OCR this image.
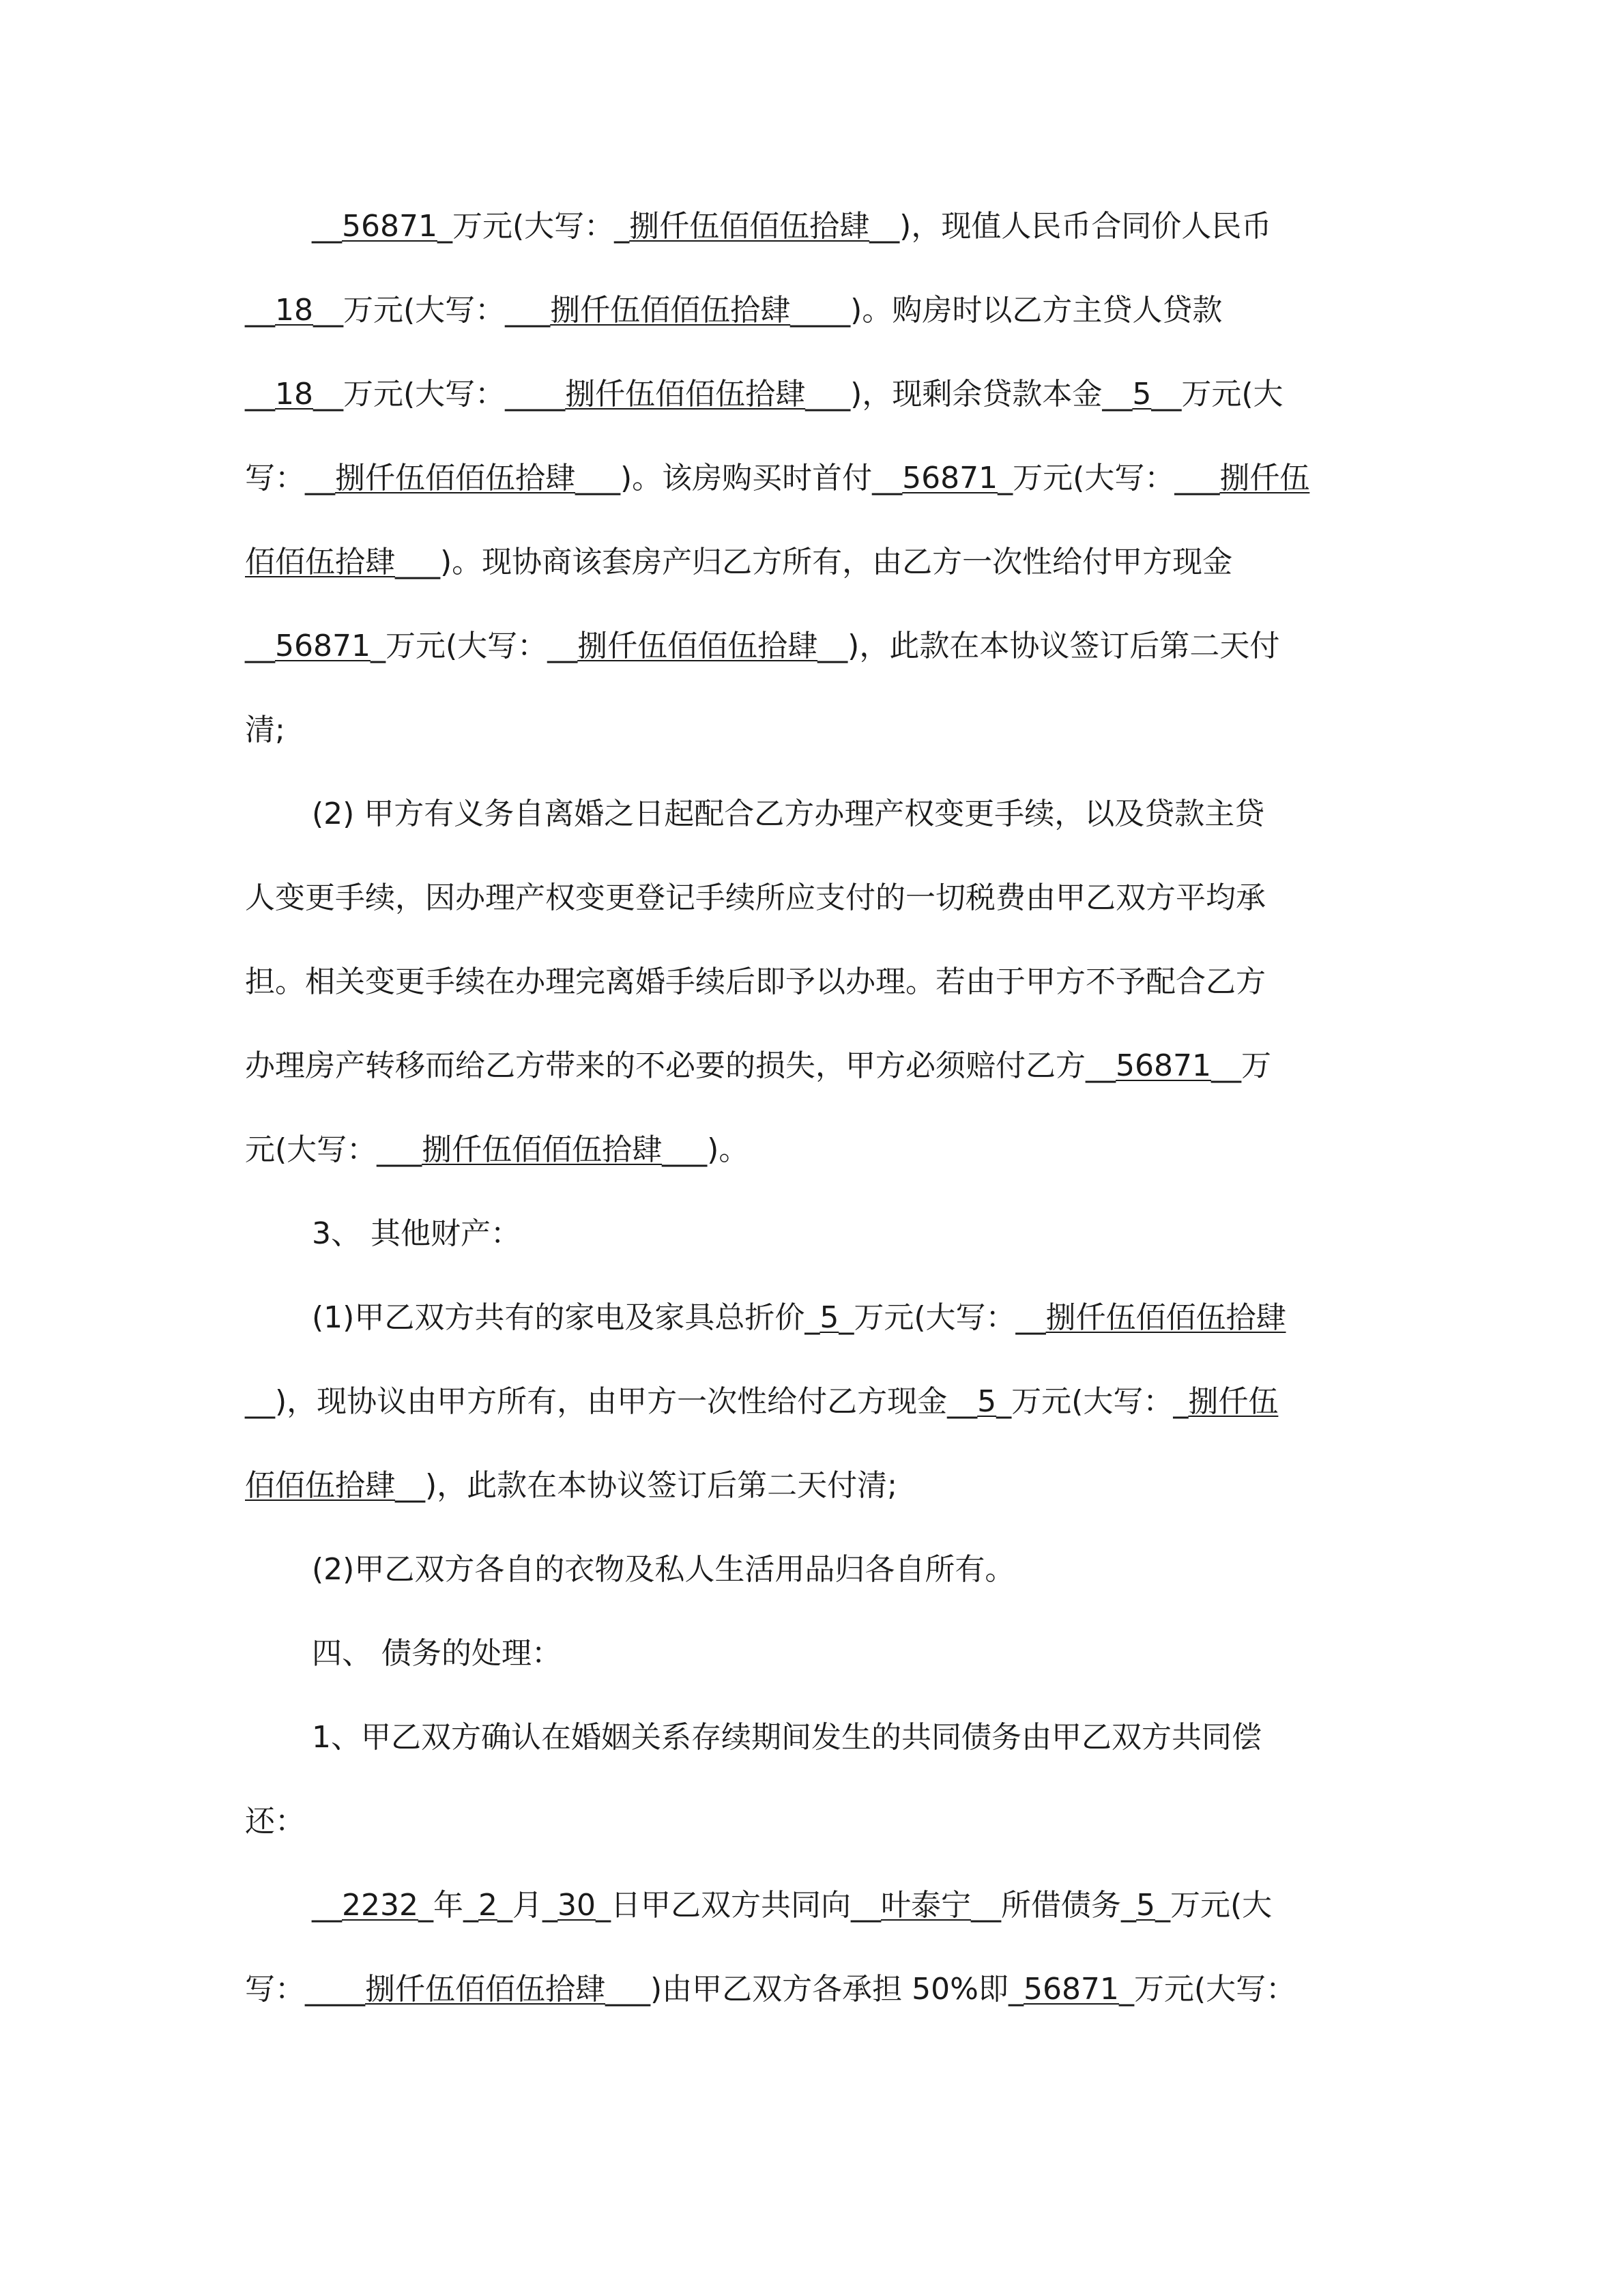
__56871_万元(大写：_捌仟伍佰佰伍拾肆__)，现值人民币合同价人民币
__18__万元(大写：___捌仟伍佰佰伍拾肆____)。购房时以乙方主贷人贷款
__18__万元(大写：____捌仟伍佰佰伍拾肆___)，现剩余贷款本金__5__万元(大
写：__捌仟伍佰佰伍拾肆___)。该房购买时首付__56871_万元(大写：___捌仟伍
佰佰伍拾肆___)。现协商该套房产归乙方所有，由乙方一次性给付甲方现金
__56871_万元(大写：__捌仟伍佰佰伍拾肆__)，此款在本协议签订后第二天付
清;
(2) 甲方有义务自离婚之日起配合乙方办理产权变更手续，以及贷款主贷
人变更手续，因办理产权变更登记手续所应支付的一切税费由甲乙双方平均承
担。相关变更手续在办理完离婚手续后即予以办理。若由于甲方不予配合乙方
办理房产转移而给乙方带来的不必要的损失，甲方必须赔付乙方__56871__万
元(大写：___捌仟伍佰佰伍拾肆___)。
3、 其他财产：
(1)甲乙双方共有的家电及家具总折价_5_万元(大写：__捌仟伍佰佰伍拾肆
__)，现协议由甲方所有，由甲方一次性给付乙方现金__5_万元(大写：_捌仟伍
佰佰伍拾肆__)，此款在本协议签订后第二天付清;
(2)甲乙双方各自的衣物及私人生活用品归各自所有。
四、 债务的处理：
1、甲乙双方确认在婚姻关系存续期间发生的共同债务由甲乙双方共同偿
还：
__2232_年_2_月_30_日甲乙双方共同向__叶泰宁__所借债务_5_万元(大
写：____捌仟伍佰佰伍拾肆___)由甲乙双方各承担 50%即_56871_万元(大写：
